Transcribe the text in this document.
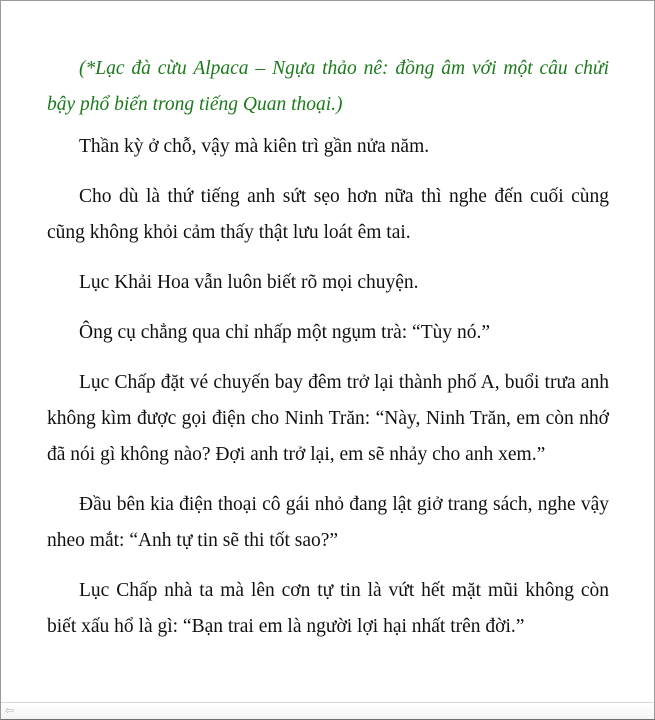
(*Lạc đà cừu Alpaca – Ngựa thảo nê: đồng âm với một câu chửi bậy phổ biến trong tiếng Quan thoại.)

Thần kỳ ở chỗ, vậy mà kiên trì gần nửa năm.

Cho dù là thứ tiếng anh sứt sẹo hơn nữa thì nghe đến cuối cùng cũng không khỏi cảm thấy thật lưu loát êm tai.

Lục Khải Hoa vẫn luôn biết rõ mọi chuyện.

Ông cụ chẳng qua chỉ nhấp một ngụm trà: “Tùy nó.”

Lục Chấp đặt vé chuyến bay đêm trở lại thành phố A, buổi trưa anh không kìm được gọi điện cho Ninh Trăn: “Này, Ninh Trăn, em còn nhớ đã nói gì không nào? Đợi anh trở lại, em sẽ nhảy cho anh xem.”

Đầu bên kia điện thoại cô gái nhỏ đang lật giở trang sách, nghe vậy nheo mắt: “Anh tự tin sẽ thi tốt sao?”

Lục Chấp nhà ta mà lên cơn tự tin là vứt hết mặt mũi không còn biết xấu hổ là gì: “Bạn trai em là người lợi hại nhất trên đời.”

⇦
